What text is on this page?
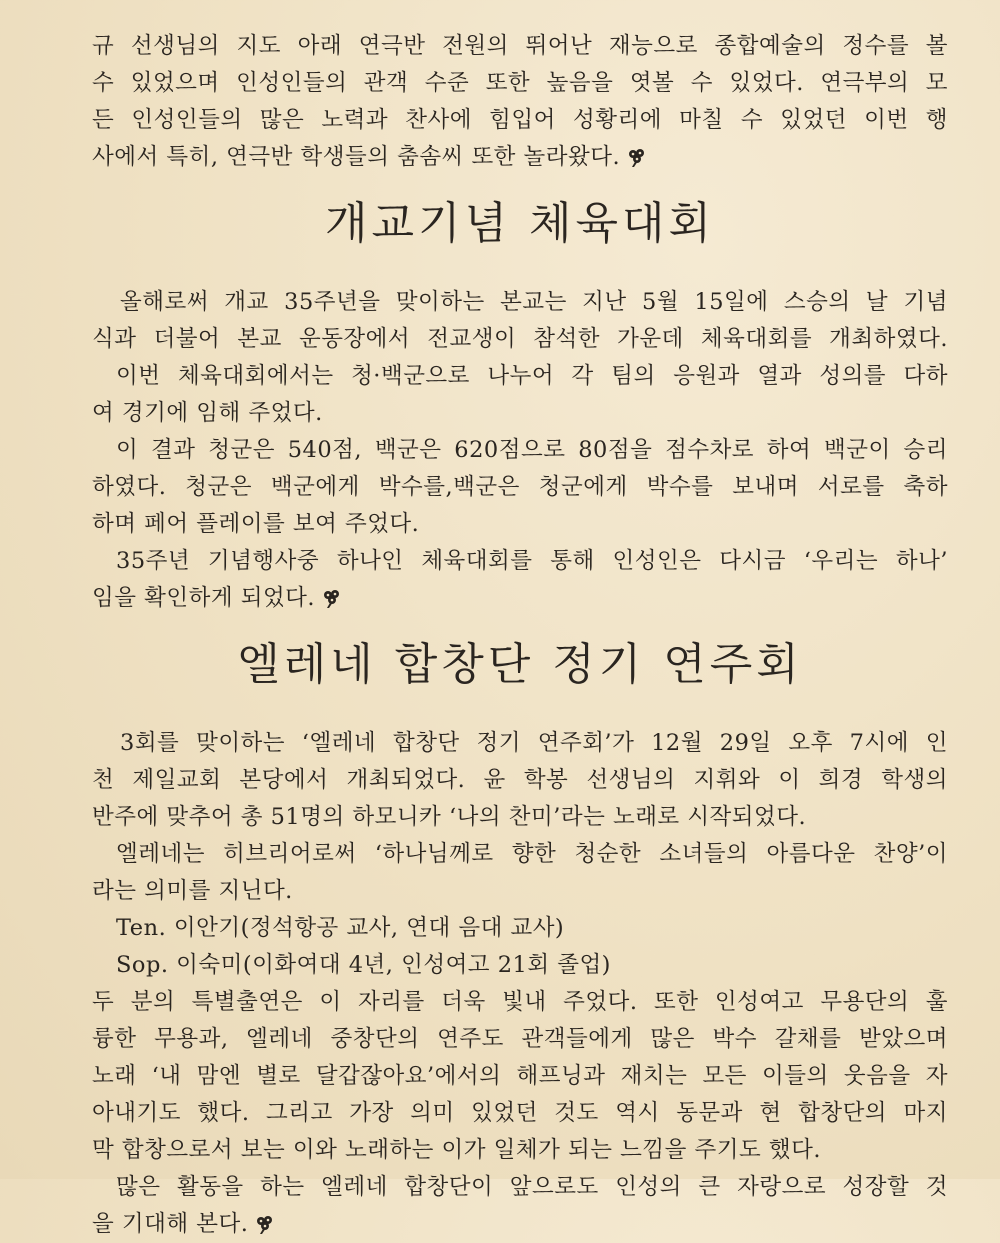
규 선생님의 지도 아래 연극반 전원의 뛰어난 재능으로 종합예술의 정수를 볼
수 있었으며 인성인들의 관객 수준 또한 높음을 엿볼 수 있었다. 연극부의 모
든 인성인들의 많은 노력과 찬사에 힘입어 성황리에 마칠 수 있었던 이번 행
사에서 특히, 연극반 학생들의 춤솜씨 또한 놀라왔다.
개교기념 체육대회
올해로써 개교 35주년을 맞이하는 본교는 지난 5월 15일에 스승의 날 기념
식과 더불어 본교 운동장에서 전교생이 참석한 가운데 체육대회를 개최하였다.
이번 체육대회에서는 청·백군으로 나누어 각 팀의 응원과 열과 성의를 다하
여 경기에 임해 주었다.
이 결과 청군은 540점, 백군은 620점으로 80점을 점수차로 하여 백군이 승리
하였다. 청군은 백군에게 박수를,백군은 청군에게 박수를 보내며 서로를 축하
하며 페어 플레이를 보여 주었다.
35주년 기념행사중 하나인 체육대회를 통해 인성인은 다시금 ‘우리는 하나’
임을 확인하게 되었다.
엘레네 합창단 정기 연주회
3회를 맞이하는 ‘엘레네 합창단 정기 연주회’가 12월 29일 오후 7시에 인
천 제일교회 본당에서 개최되었다. 윤 학봉 선생님의 지휘와 이 희경 학생의
반주에 맞추어 총 51명의 하모니카 ‘나의 찬미’라는 노래로 시작되었다.
엘레네는 히브리어로써 ‘하나님께로 향한 청순한 소녀들의 아름다운 찬양’이
라는 의미를 지닌다.
Ten. 이안기(정석항공 교사, 연대 음대 교사)
Sop. 이숙미(이화여대 4년, 인성여고 21회 졸업)
두 분의 특별출연은 이 자리를 더욱 빛내 주었다. 또한 인성여고 무용단의 훌
륭한 무용과, 엘레네 중창단의 연주도 관객들에게 많은 박수 갈채를 받았으며
노래 ‘내 맘엔 별로 달갑잖아요’에서의 해프닝과 재치는 모든 이들의 웃음을 자
아내기도 했다. 그리고 가장 의미 있었던 것도 역시 동문과 현 합창단의 마지
막 합창으로서 보는 이와 노래하는 이가 일체가 되는 느낌을 주기도 했다.
많은 활동을 하는 엘레네 합창단이 앞으로도 인성의 큰 자랑으로 성장할 것
을 기대해 본다.
